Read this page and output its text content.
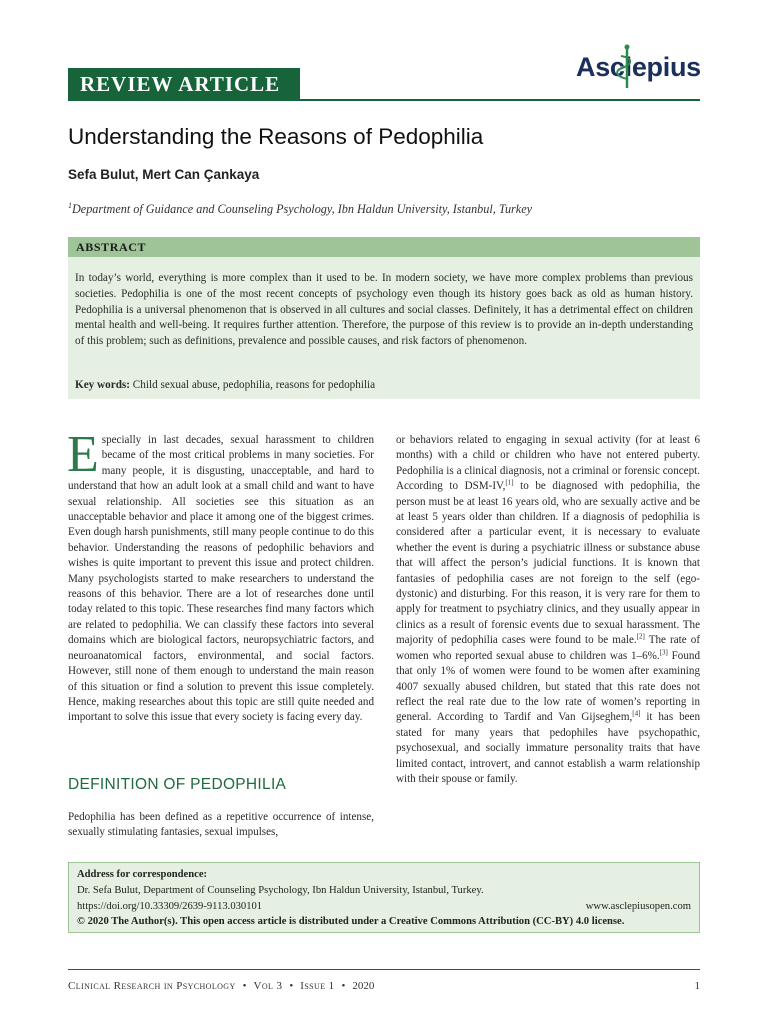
REVIEW ARTICLE
Asclepius
Understanding the Reasons of Pedophilia
Sefa Bulut, Mert Can Çankaya
$^1$Department of Guidance and Counseling Psychology, Ibn Haldun University, Istanbul, Turkey
ABSTRACT
In today’s world, everything is more complex than it used to be. In modern society, we have more complex problems than previous societies. Pedophilia is one of the most recent concepts of psychology even though its history goes back as old as human history. Pedophilia is a universal phenomenon that is observed in all cultures and social classes. Definitely, it has a detrimental effect on children mental health and well-being. It requires further attention. Therefore, the purpose of this review is to provide an in-depth understanding of this problem; such as definitions, prevalence and possible causes, and risk factors of phenomenon.
Key words: Child sexual abuse, pedophilia, reasons for pedophilia
Especially in last decades, sexual harassment to children became of the most critical problems in many societies. For many people, it is disgusting, unacceptable, and hard to understand that how an adult look at a small child and want to have sexual relationship. All societies see this situation as an unacceptable behavior and place it among one of the biggest crimes. Even dough harsh punishments, still many people continue to do this behavior. Understanding the reasons of pedophilic behaviors and wishes is quite important to prevent this issue and protect children. Many psychologists started to make researchers to understand the reasons of this behavior. There are a lot of researches done until today related to this topic. These researches find many factors which are related to pedophilia. We can classify these factors into several domains which are biological factors, neuropsychiatric factors, and neuroanatomical factors, environmental, and social factors. However, still none of them enough to understand the main reason of this situation or find a solution to prevent this issue completely. Hence, making researches about this topic are still quite needed and important to solve this issue that every society is facing every day.
DEFINITION OF PEDOPHILIA
Pedophilia has been defined as a repetitive occurrence of intense, sexually stimulating fantasies, sexual impulses,
or behaviors related to engaging in sexual activity (for at least 6 months) with a child or children who have not entered puberty. Pedophilia is a clinical diagnosis, not a criminal or forensic concept. According to DSM-IV,[1] to be diagnosed with pedophilia, the person must be at least 16 years old, who are sexually active and be at least 5 years older than children. If a diagnosis of pedophilia is considered after a particular event, it is necessary to evaluate whether the event is during a psychiatric illness or substance abuse that will affect the person’s judicial functions. It is known that fantasies of pedophilia cases are not foreign to the self (ego-dystonic) and disturbing. For this reason, it is very rare for them to apply for treatment to psychiatry clinics, and they usually appear in clinics as a result of forensic events due to sexual harassment. The majority of pedophilia cases were found to be male.[2] The rate of women who reported sexual abuse to children was 1–6%.[3] Found that only 1% of women were found to be women after examining 4007 sexually abused children, but stated that this rate does not reflect the real rate due to the low rate of women’s reporting in general. According to Tardif and Van Gijseghem,[4] it has been stated for many years that pedophiles have psychopathic, psychosexual, and socially immature personality traits that have limited contact, introvert, and cannot establish a warm relationship with their spouse or family.
Address for correspondence:
Dr. Sefa Bulut, Department of Counseling Psychology, Ibn Haldun University, Istanbul, Turkey.
https://doi.org/10.33309/2639-9113.030101	www.asclepiusopen.com
© 2020 The Author(s). This open access article is distributed under a Creative Commons Attribution (CC-BY) 4.0 license.
Clinical Research in Psychology • Vol 3 • Issue 1 • 2020	1
